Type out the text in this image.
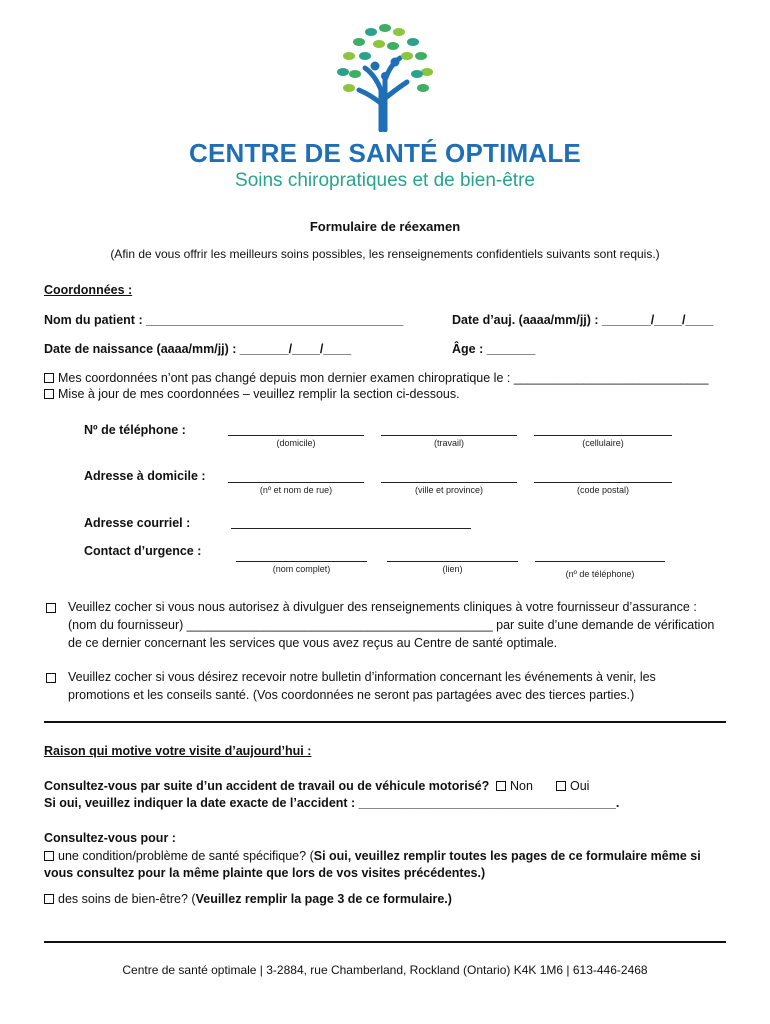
CENTRE DE SANTÉ OPTIMALE
Soins chiropratiques et de bien-être
Formulaire de réexamen
(Afin de vous offrir les meilleurs soins possibles, les renseignements confidentiels suivants sont requis.)
Coordonnées :
Nom du patient : _____________________________________	Date d’auj. (aaaa/mm/jj) : _______/____/____
Date de naissance (aaaa/mm/jj) : _______/____/____	Âge : _______
Mes coordonnées n’ont pas changé depuis mon dernier examen chiropratique le : ____________________________
Mise à jour de mes coordonnées – veuillez remplir la section ci-dessous.
Nº de téléphone :
(domicile)	(travail)	(cellulaire)
Adresse à domicile :
(nº et nom de rue)	(ville et province)	(code postal)
Adresse courriel :
Contact d’urgence :
(nom complet)	(lien)	(nº de téléphone)
Veuillez cocher si vous nous autorisez à divulguer des renseignements cliniques à votre fournisseur d’assurance :
(nom du fournisseur) ____________________________________________ par suite d’une demande de vérification
de ce dernier concernant les services que vous avez reçus au Centre de santé optimale.
Veuillez cocher si vous désirez recevoir notre bulletin d’information concernant les événements à venir, les
promotions et les conseils santé. (Vos coordonnées ne seront pas partagées avec des tierces parties.)
Raison qui motive votre visite d’aujourd’hui :
Consultez-vous par suite d’un accident de travail ou de véhicule motorisé?	Non	Oui
Si oui, veuillez indiquer la date exacte de l’accident : _____________________________________.
Consultez-vous pour :
une condition/problème de santé spécifique? (Si oui, veuillez remplir toutes les pages de ce formulaire même si
vous consultez pour la même plainte que lors de vos visites précédentes.)
des soins de bien-être? (Veuillez remplir la page 3 de ce formulaire.)
Centre de santé optimale | 3-2884, rue Chamberland, Rockland (Ontario) K4K 1M6 | 613-446-2468
